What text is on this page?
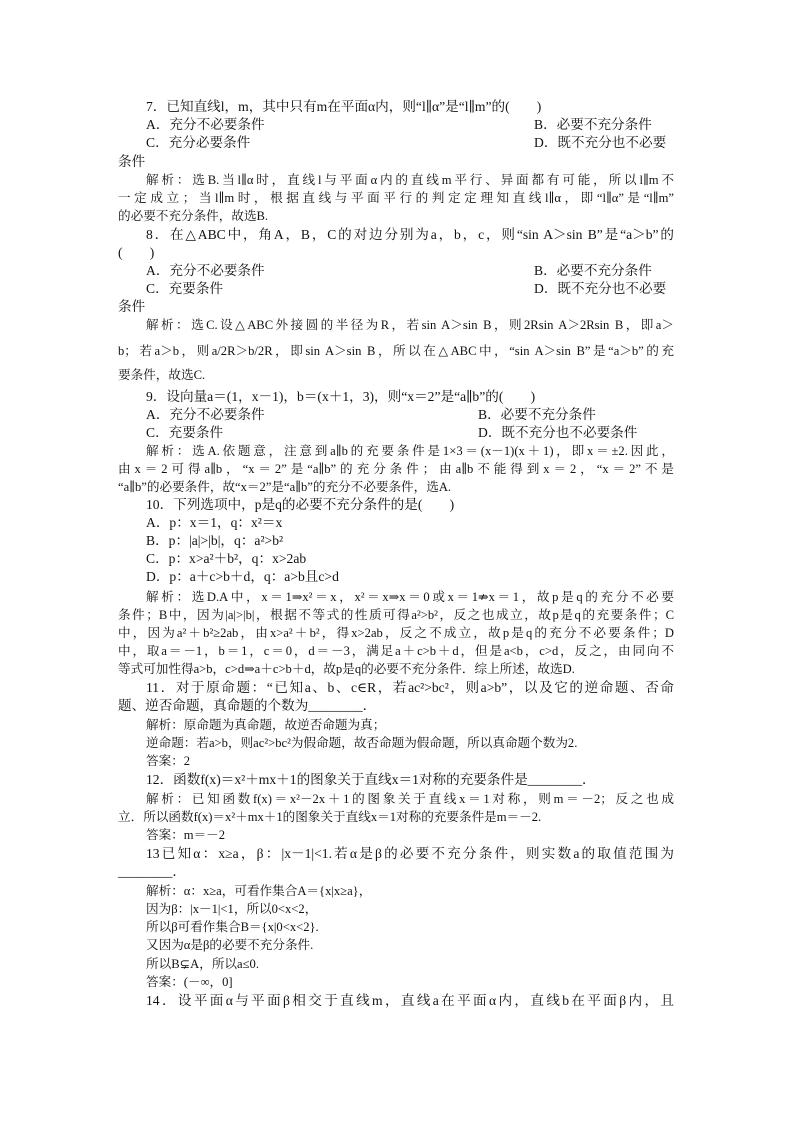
7．已知直线l，m，其中只有m在平面α内，则“l∥α”是“l∥m”的(　　)
条件
解析：选B.当l∥α时，直线l与平面α内的直线m平行、异面都有可能，所以l∥m不
一定成立；当l∥m时，根据直线与平面平行的判定定理知直线l∥α，即“l∥α”是“l∥m”
的必要不充分条件，故选B.
8．在△ABC中，角A，B，C的对边分别为a，b，c，则“sin A＞sin B”是“a＞b”的
(　　)
条件
解析：选C.设△ABC外接圆的半径为R，若sin A＞sin B，则2Rsin A＞2Rsin B，即a＞
b；若a＞b，则a/2R＞b/2R，即sin A＞sin B，所以在△ABC中，“sin A＞sin B”是“a＞b”的充
要条件，故选C.
9．设向量a＝(1，x－1)，b＝(x＋1，3)，则“x＝2”是“a∥b”的(　　)
解析：选A.依题意，注意到a∥b的充要条件是1×3＝(x－1)(x＋1)，即x＝±2.因此，
由x＝2可得a∥b，“x＝2”是“a∥b”的充分条件；由a∥b不能得到x＝2，“x＝2”不是
“a∥b”的必要条件，故“x＝2”是“a∥b”的充分不必要条件，选A.
10．下列选项中，p是q的必要不充分条件的是(　　)
A．p：x＝1，q：x²＝x
B．p：|a|>|b|，q：a²>b²
C．p：x>a²＋b²，q：x>2ab
D．p：a＋c>b＋d，q：a>b且c>d
解析：选D.A中，x＝1⇒x²＝x，x²＝x⇒x＝0或x＝1⇏x＝1，故p是q的充分不必要
条件；B中，因为|a|>|b|，根据不等式的性质可得a²>b²，反之也成立，故p是q的充要条件；C
中，因为a²＋b²≥2ab，由x>a²＋b²，得x>2ab，反之不成立，故p是q的充分不必要条件；D
中，取a＝－1，b＝1，c＝0，d＝－3，满足a＋c>b＋d，但是a<b，c>d，反之，由同向不
等式可加性得a>b，c>d⇒a＋c>b＋d，故p是q的必要不充分条件．综上所述，故选D.
11．对于原命题：“已知a、b、c∈R，若ac²>bc²，则a>b”，以及它的逆命题、否命
题、逆否命题，真命题的个数为________．
解析：原命题为真命题，故逆否命题为真；
逆命题：若a>b，则ac²>bc²为假命题，故否命题为假命题，所以真命题个数为2.
答案：2
12．函数f(x)＝x²＋mx＋1的图象关于直线x＝1对称的充要条件是________．
解析：已知函数f(x)＝x²－2x＋1的图象关于直线x＝1对称，则m＝－2；反之也成
立．所以函数f(x)＝x²＋mx＋1的图象关于直线x＝1对称的充要条件是m＝－2.
答案：m＝－2
13已知α：x≥a，β：|x－1|<1.若α是β的必要不充分条件，则实数a的取值范围为
________．
解析：α：x≥a，可看作集合A＝{x|x≥a}，
因为β：|x－1|<1，所以0<x<2，
所以β可看作集合B＝{x|0<x<2}.
又因为α是β的必要不充分条件.
所以B⊊A，所以a≤0.
答案：(－∞，0]
14．设平面α与平面β相交于直线m，直线a在平面α内，直线b在平面β内，且
A．充分不必要条件	B．必要不充分条件
C．充分必要条件	D．既不充分也不必要
A．充分不必要条件	B．必要不充分条件
C．充要条件	D．既不充分也不必要
A．充分不必要条件	B．必要不充分条件
C．充要条件	D．既不充分也不必要条件
